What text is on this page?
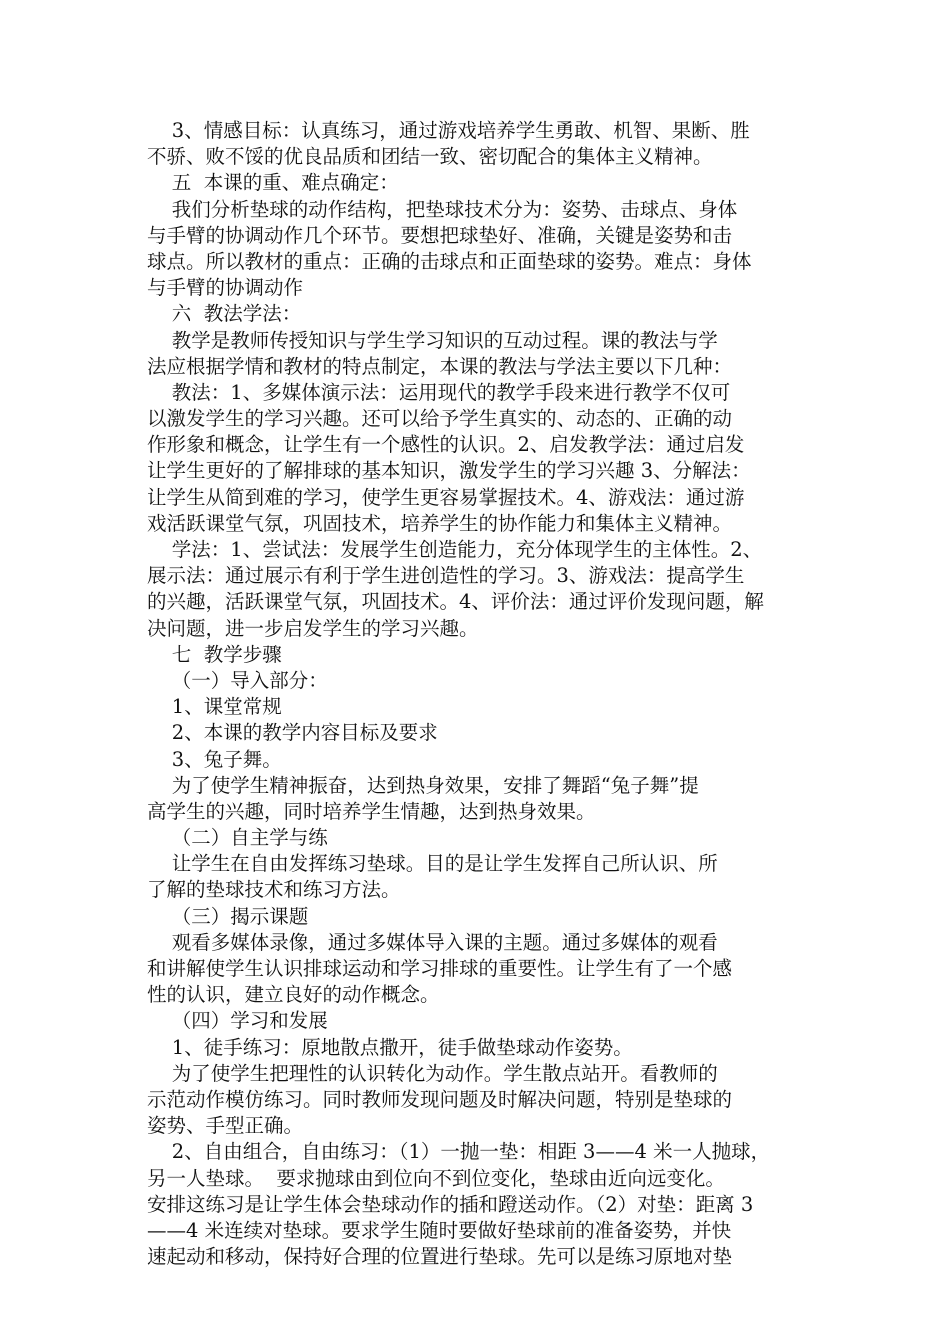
3、情感目标：认真练习，通过游戏培养学生勇敢、机智、果断、胜
不骄、败不馁的优良品质和团结一致、密切配合的集体主义精神。
五  本课的重、难点确定：
我们分析垫球的动作结构，把垫球技术分为：姿势、击球点、身体
与手臂的协调动作几个环节。要想把球垫好、准确，关键是姿势和击
球点。所以教材的重点：正确的击球点和正面垫球的姿势。难点：身体
与手臂的协调动作
六  教法学法：
教学是教师传授知识与学生学习知识的互动过程。课的教法与学
法应根据学情和教材的特点制定，本课的教法与学法主要以下几种：
教法：1、多媒体演示法：运用现代的教学手段来进行教学不仅可
以激发学生的学习兴趣。还可以给予学生真实的、动态的、正确的动
作形象和概念，让学生有一个感性的认识。2、启发教学法：通过启发
让学生更好的了解排球的基本知识，激发学生的学习兴趣 3、分解法：
让学生从简到难的学习，使学生更容易掌握技术。4、游戏法：通过游
戏活跃课堂气氛，巩固技术，培养学生的协作能力和集体主义精神。
学法：1、尝试法：发展学生创造能力，充分体现学生的主体性。2、
展示法：通过展示有利于学生进创造性的学习。3、游戏法：提高学生
的兴趣，活跃课堂气氛，巩固技术。4、评价法：通过评价发现问题，解
决问题，进一步启发学生的学习兴趣。
七  教学步骤
（一）导入部分：
1、课堂常规
2、本课的教学内容目标及要求
3、兔子舞。
为了使学生精神振奋，达到热身效果，安排了舞蹈“兔子舞”提
高学生的兴趣，同时培养学生情趣，达到热身效果。
（二）自主学与练
让学生在自由发挥练习垫球。目的是让学生发挥自己所认识、所
了解的垫球技术和练习方法。
（三）揭示课题
观看多媒体录像，通过多媒体导入课的主题。通过多媒体的观看
和讲解使学生认识排球运动和学习排球的重要性。让学生有了一个感
性的认识，建立良好的动作概念。
（四）学习和发展
1、徒手练习：原地散点撒开，徒手做垫球动作姿势。
为了使学生把理性的认识转化为动作。学生散点站开。看教师的
示范动作模仿练习。同时教师发现问题及时解决问题，特别是垫球的
姿势、手型正确。
2、自由组合，自由练习：（1）一抛一垫：相距 3——4 米一人抛球，
另一人垫球。  要求抛球由到位向不到位变化，垫球由近向远变化。
安排这练习是让学生体会垫球动作的插和蹬送动作。（2）对垫：距离 3
——4 米连续对垫球。要求学生随时要做好垫球前的准备姿势，并快
速起动和移动，保持好合理的位置进行垫球。先可以是练习原地对垫
